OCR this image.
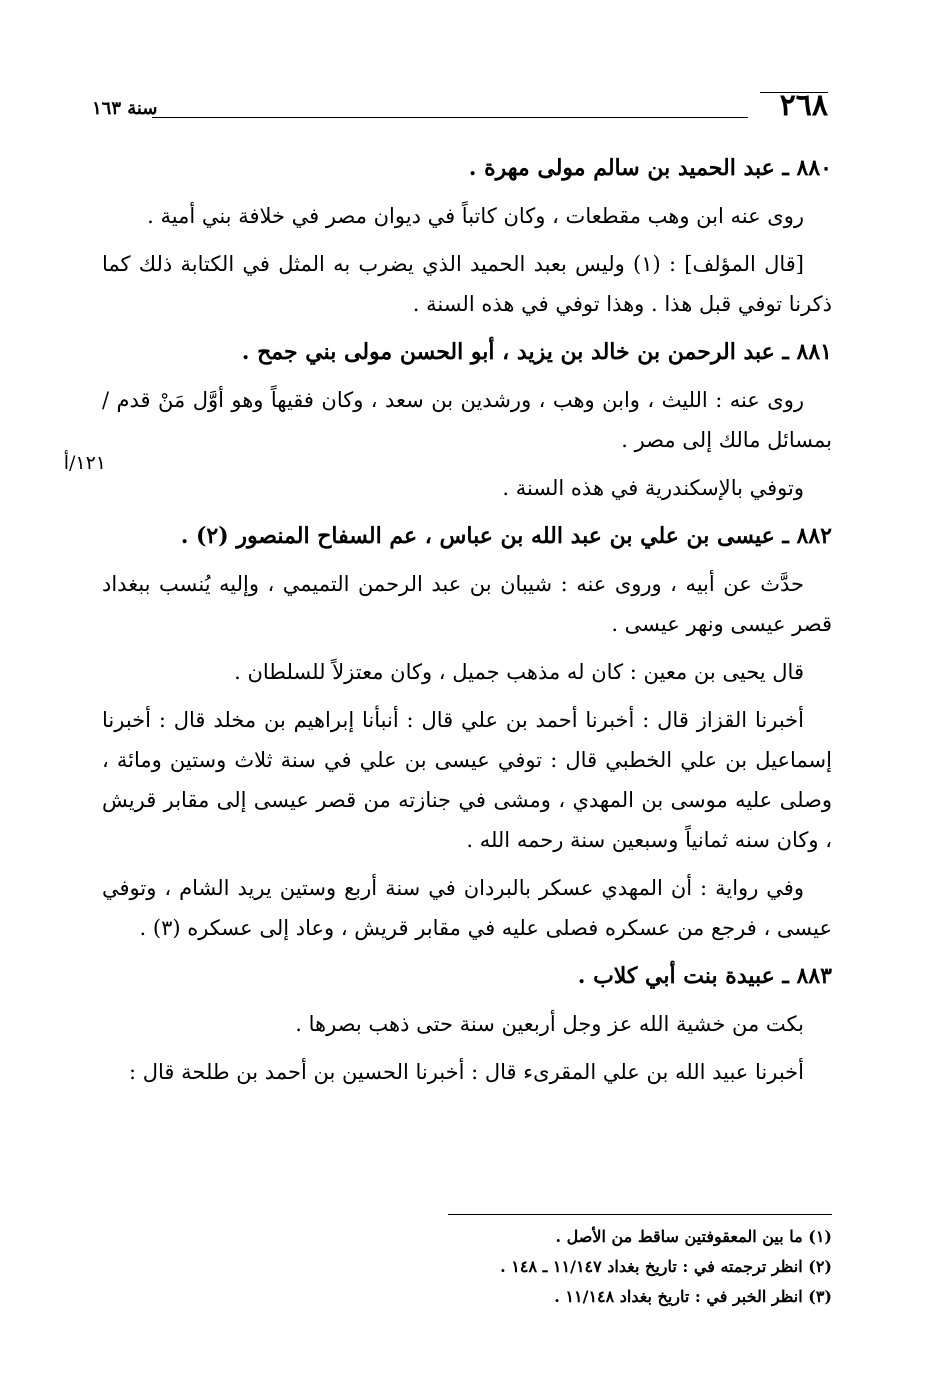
٢٦٨
سنة ١٦٣

٨٨٠ ـ عبد الحميد بن سالم مولى مهرة .

روى عنه ابن وهب مقطعات ، وكان كاتباً في ديوان مصر في خلافة بني أمية .

[قال المؤلف] : (١) وليس بعبد الحميد الذي يضرب به المثل في الكتابة ذلك كما ذكرنا توفي قبل هذا . وهذا توفي في هذه السنة .

٨٨١ ـ عبد الرحمن بن خالد بن يزيد ، أبو الحسن مولى بني جمح .

روى عنه : الليث ، وابن وهب ، ورشدين بن سعد ، وكان فقيهاً وهو أوَّل مَنْ قدم / بمسائل مالك إلى مصر .

وتوفي بالإسكندرية في هذه السنة .

٨٨٢ ـ عيسى بن علي بن عبد الله بن عباس ، عم السفاح المنصور (٢) .

حدَّث عن أبيه ، وروى عنه : شيبان بن عبد الرحمن التميمي ، وإليه يُنسب ببغداد قصر عيسى ونهر عيسى .

قال يحيى بن معين : كان له مذهب جميل ، وكان معتزلاً للسلطان .

أخبرنا القزاز قال : أخبرنا أحمد بن علي قال : أنبأنا إبراهيم بن مخلد قال : أخبرنا إسماعيل بن علي الخطبي قال : توفي عيسى بن علي في سنة ثلاث وستين ومائة ، وصلى عليه موسى بن المهدي ، ومشى في جنازته من قصر عيسى إلى مقابر قريش ، وكان سنه ثمانياً وسبعين سنة رحمه الله .

وفي رواية : أن المهدي عسكر بالبردان في سنة أربع وستين يريد الشام ، وتوفي عيسى ، فرجع من عسكره فصلى عليه في مقابر قريش ، وعاد إلى عسكره (٣) .

٨٨٣ ـ عبيدة بنت أبي كلاب .

بكت من خشية الله عز وجل أربعين سنة حتى ذهب بصرها .

أخبرنا عبيد الله بن علي المقرىء قال : أخبرنا الحسين بن أحمد بن طلحة قال :

١٢١/أ

(١) ما بين المعقوفتين ساقط من الأصل .

(٢) انظر ترجمته في : تاريخ بغداد ١١/١٤٧ ـ ١٤٨ .

(٣) انظر الخبر في : تاريخ بغداد ١١/١٤٨ .
